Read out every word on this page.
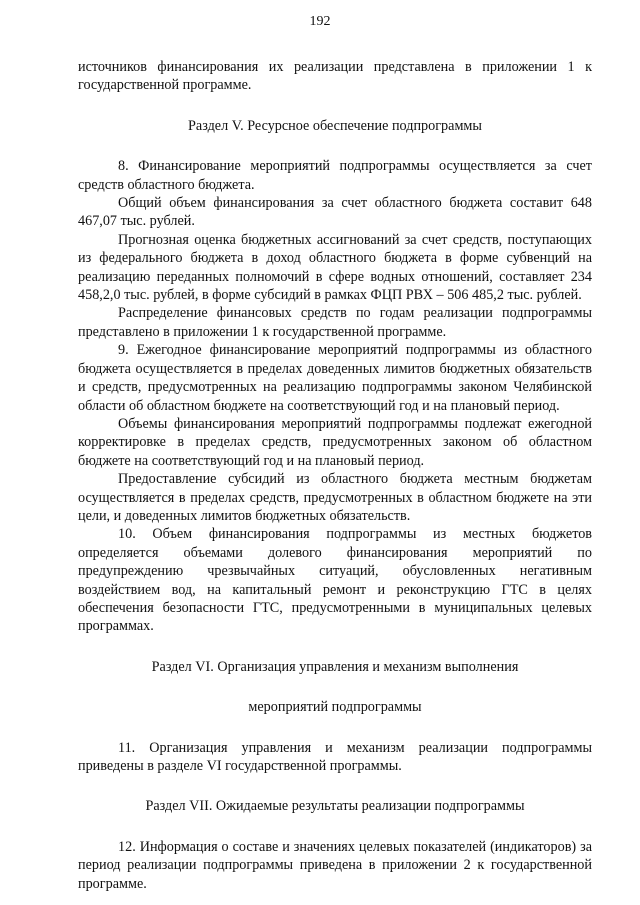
192

источников финансирования их реализации представлена в приложении 1 к государственной программе.

Раздел V. Ресурсное обеспечение подпрограммы

8. Финансирование мероприятий подпрограммы осуществляется за счет средств областного бюджета.

Общий объем финансирования за счет областного бюджета составит 648 467,07 тыс. рублей.

Прогнозная оценка бюджетных ассигнований за счет средств, поступающих из федерального бюджета в доход областного бюджета в форме субвенций на реализацию переданных полномочий в сфере водных отношений, составляет 234 458,2,0 тыс. рублей, в форме субсидий в рамках ФЦП РВХ – 506 485,2 тыс. рублей.

Распределение финансовых средств по годам реализации подпрограммы представлено в приложении 1 к государственной программе.

9. Ежегодное финансирование мероприятий подпрограммы из областного бюджета осуществляется в пределах доведенных лимитов бюджетных обязательств и средств, предусмотренных на реализацию подпрограммы законом Челябинской области об областном бюджете на соответствующий год и на плановый период.

Объемы финансирования мероприятий подпрограммы подлежат ежегодной корректировке в пределах средств, предусмотренных законом об областном бюджете на соответствующий год и на плановый период.

Предоставление субсидий из областного бюджета местным бюджетам осуществляется в пределах средств, предусмотренных в областном бюджете на эти цели, и доведенных лимитов бюджетных обязательств.

10. Объем финансирования подпрограммы из местных бюджетов определяется объемами долевого финансирования мероприятий по предупреждению чрезвычайных ситуаций, обусловленных негативным воздействием вод, на капитальный ремонт и реконструкцию ГТС в целях обеспечения безопасности ГТС, предусмотренными в муниципальных целевых программах.

Раздел VI. Организация управления и механизм выполнения

мероприятий подпрограммы

11. Организация управления и механизм реализации подпрограммы приведены в разделе VI государственной программы.

Раздел VII. Ожидаемые результаты реализации подпрограммы

12. Информация о составе и значениях целевых показателей (индикаторов) за период реализации подпрограммы приведена в приложении 2 к государственной программе.
